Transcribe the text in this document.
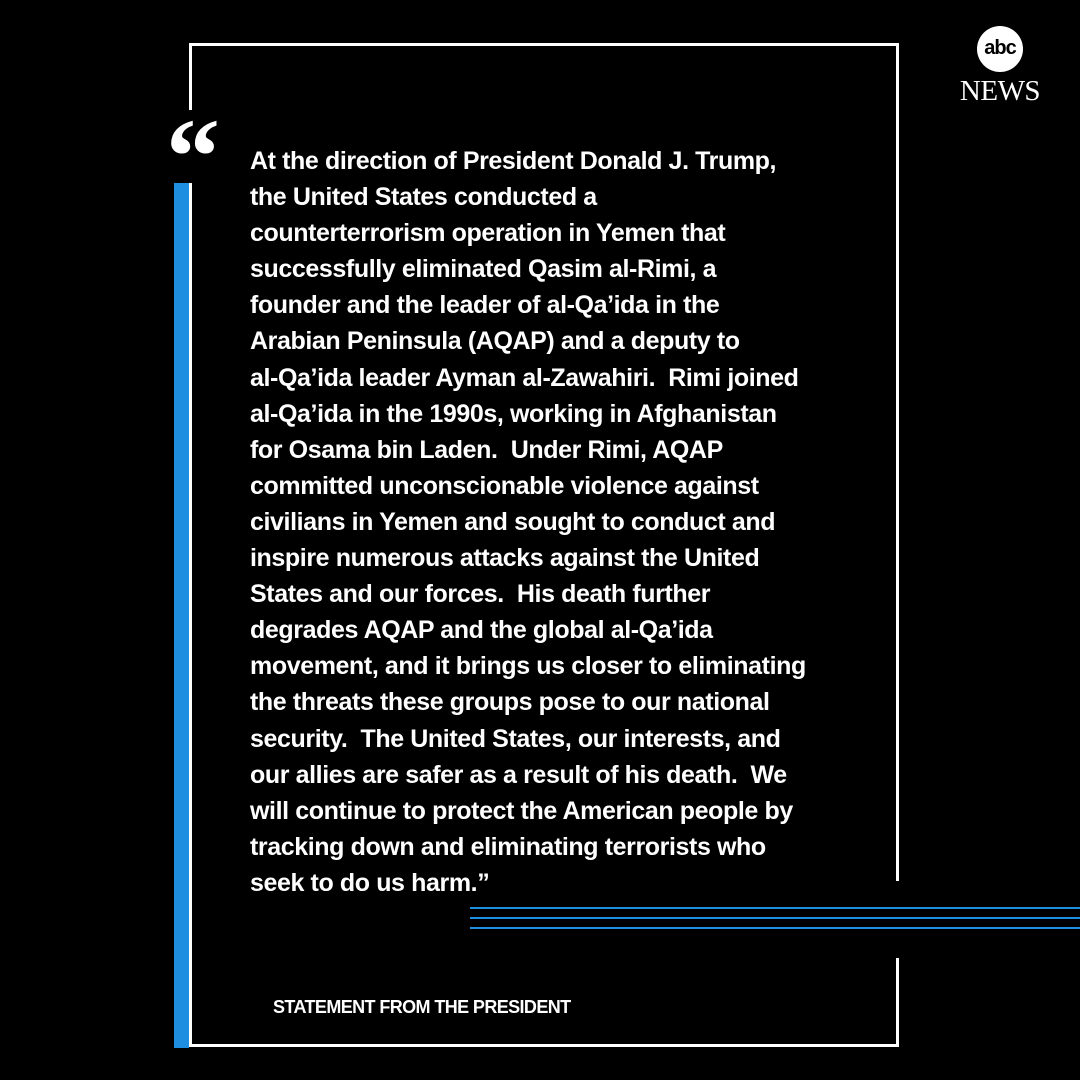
“ At the direction of President Donald J. Trump,
the United States conducted a
counterterrorism operation in Yemen that
successfully eliminated Qasim al-Rimi, a
founder and the leader of al-Qa’ida in the
Arabian Peninsula (AQAP) and a deputy to
al-Qa’ida leader Ayman al-Zawahiri.  Rimi joined
al-Qa’ida in the 1990s, working in Afghanistan
for Osama bin Laden.  Under Rimi, AQAP
committed unconscionable violence against
civilians in Yemen and sought to conduct and
inspire numerous attacks against the United
States and our forces.  His death further
degrades AQAP and the global al-Qa’ida
movement, and it brings us closer to eliminating
the threats these groups pose to our national
security.  The United States, our interests, and
our allies are safer as a result of his death.  We
will continue to protect the American people by
tracking down and eliminating terrorists who
seek to do us harm.”

STATEMENT FROM THE PRESIDENT
abc
NEWS
